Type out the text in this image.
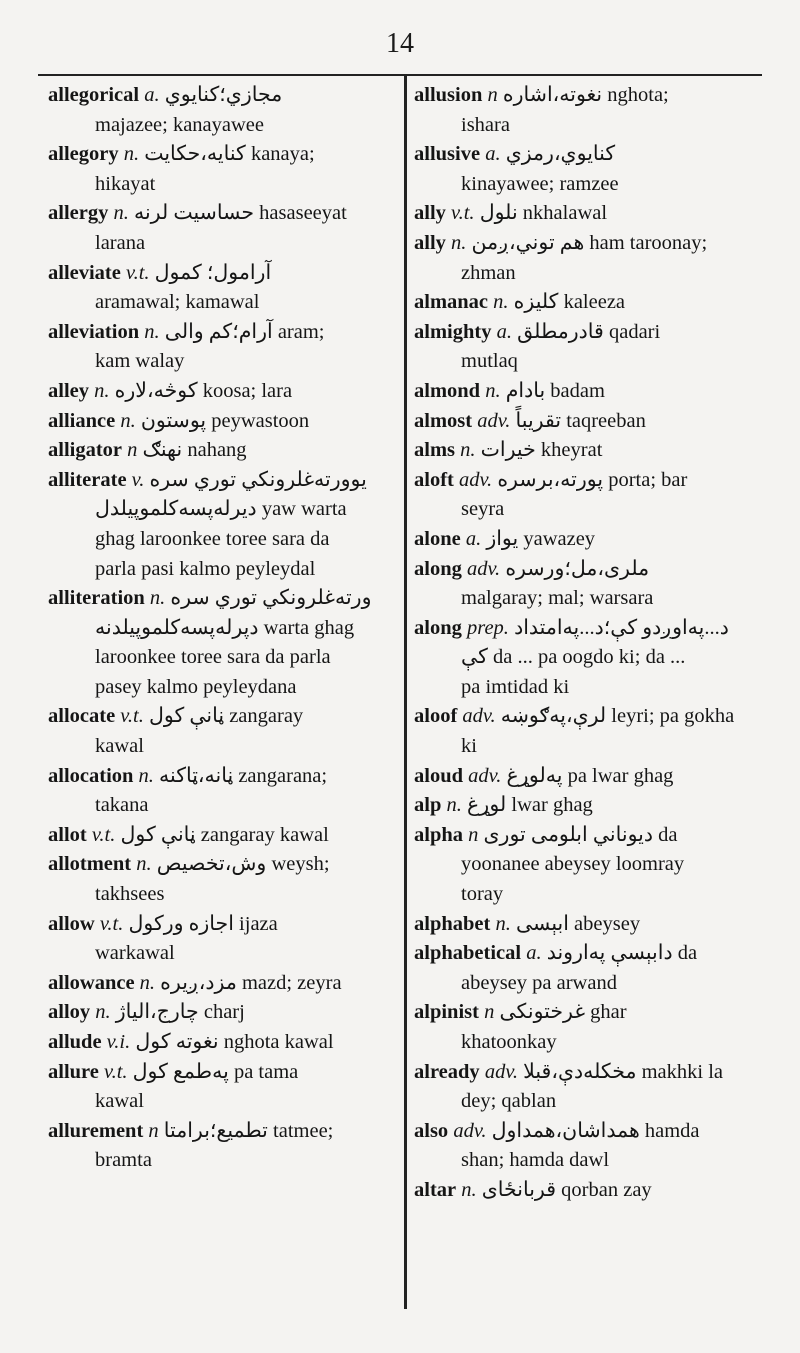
14
allegorical a. مجازي؛کنايوي
majazee; kanayawee
allegory n. کنايه،حکايت kanaya;
hikayat
allergy n. حساسيت لرنه hasaseeyat
larana
alleviate v.t. آرامول؛ کمول
aramawal; kamawal
alleviation n. آرام؛کم والی aram;
kam walay
alley n. کوڅه،لاره koosa; lara
alliance n. پوستون peywastoon
alligator n نهنګ nahang
alliterate v. يوورته‌غلرونکي توري سره
ديرله‌پسه‌کلموپيلدل yaw warta
ghag laroonkee toree sara da
parla pasi kalmo peyleydal
alliteration n. ورته‌غلرونکي توري سره
دپرله‌پسه‌کلموپيلدنه warta ghag
laroonkee toree sara da parla
pasey kalmo peyleydana
allocate v.t. ڼانې کول zangaray
kawal
allocation n. ڼانه،ټاکنه zangarana;
takana
allot v.t. ڼانې کول zangaray kawal
allotment n. وش،تخصيص weysh;
takhsees
allow v.t. اجازه ورکول ijaza
warkawal
allowance n. مزد،ږيره mazd; zeyra
alloy n. چارج،الياژ charj
allude v.i. نغوته کول nghota kawal
allure v.t. په‌طمع کول pa tama
kawal
allurement n تطميع؛برامتا tatmee;
bramta
allusion n نغوته،اشاره nghota;
ishara
allusive a. کنايوي،رمزي
kinayawee; ramzee
ally v.t. نلول nkhalawal
ally n. هم توني،ږمن ham taroonay;
zhman
almanac n. کليزه kaleeza
almighty a. قادرمطلق qadari
mutlaq
almond n. بادام badam
almost adv. تقريباً taqreeban
alms n. خيرات kheyrat
aloft adv. پورته،برسره porta; bar
seyra
alone a. يواز yawazey
along adv. ملری،مل؛ورسره
malgaray; mal; warsara
along prep. د...په‌اوږدو کې؛د...په‌امتداد
کې da ... pa oogdo ki; da ...
pa imtidad ki
aloof adv. لرې،په‌ګوښه leyri; pa gokha
ki
aloud adv. په‌لوړغ pa lwar ghag
alp n. لوړغ lwar ghag
alpha n ديوناني ابلومی توری da
yoonanee abeysey loomray
toray
alphabet n. ابېسی abeysey
alphabetical a. دابېسې په‌اروند da
abeysey pa arwand
alpinist n غرختونکی ghar
khatoonkay
already adv. مخکله‌دې،قبلا makhki la
dey; qablan
also adv. همداشان،همداول hamda
shan; hamda dawl
altar n. قربانځای qorban zay
